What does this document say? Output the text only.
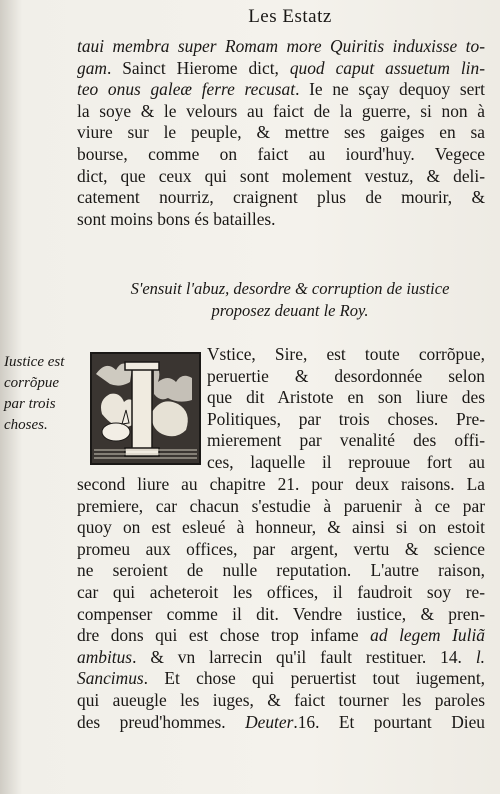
Les Estatz
taui membra super Romam more Quiritis induxisse to-
gam. Sainct Hierome dict, quod caput assuetum lin-
teo onus galeæ ferre recusat. Ie ne sçay dequoy sert
la soye & le velours au faict de la guerre, si non à
viure sur le peuple, & mettre ses gaiges en sa
bourse, comme on faict au iourd'huy. Vegece
dict, que ceux qui sont molement vestuz, & deli-
catement nourriz, craignent plus de mourir, &
sont moins bons és batailles.
S'ensuit l'abuz, desordre & corruption de iustice
proposez deuant le Roy.
Iustice est
corrõpue
par trois
choses.
Vstice, Sire, est toute corrõpue,
peruertie & desordonnée selon
que dit Aristote en son liure des
Politiques, par trois choses. Pre-
mierement par venalité des offi-
ces, laquelle il reprouue fort au
second liure au chapitre 21. pour deux raisons. La
premiere, car chacun s'estudie à paruenir à ce par
quoy on est esleué à honneur, & ainsi si on estoit
promeu aux offices, par argent, vertu & science
ne seroient de nulle reputation. L'autre raison,
car qui acheteroit les offices, il faudroit soy re-
compenser comme il dit. Vendre iustice, & pren-
dre dons qui est chose trop infame ad legem Iuliã
ambitus. & vn larrecin qu'il fault restituer. 14. l.
Sancimus. Et chose qui peruertist tout iugement,
qui aueugle les iuges, & faict tourner les paroles
des preud'hommes. Deuter.16. Et pourtant Dieu
